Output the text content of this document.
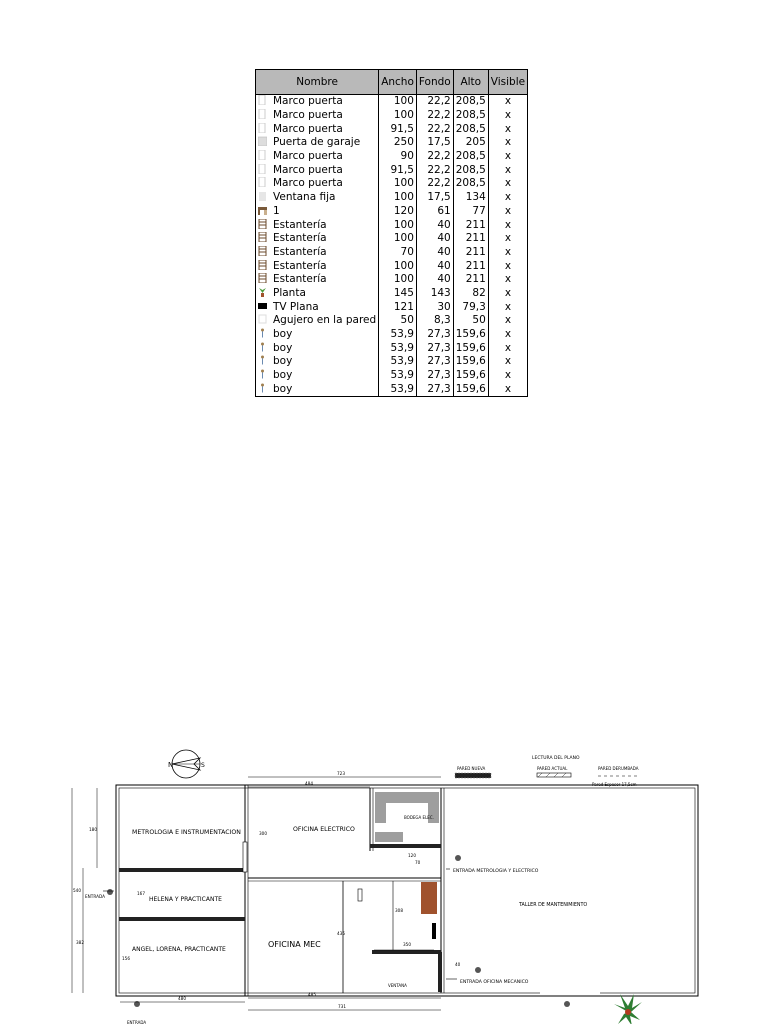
Nombre	Ancho	Fondo	Alto	Visible
Marco puerta	100	22,2	208,5	x
Marco puerta	100	22,2	208,5	x
Marco puerta	91,5	22,2	208,5	x
Puerta de garaje	250	17,5	205	x
Marco puerta	90	22,2	208,5	x
Marco puerta	91,5	22,2	208,5	x
Marco puerta	100	22,2	208,5	x
Ventana fija	100	17,5	134	x
1	120	61	77	x
Estantería	100	40	211	x
Estantería	100	40	211	x
Estantería	70	40	211	x
Estantería	100	40	211	x
Estantería	100	40	211	x
Planta	145	143	82	x
TV Plana	121	30	79,3	x
Agujero en la pared	50	8,3	50	x
boy	53,9	27,3	159,6	x
boy	53,9	27,3	159,6	x
boy	53,9	27,3	159,6	x
boy	53,9	27,3	159,6	x
boy	53,9	27,3	159,6	x
N	S
LECTURA DEL PLANO
PARED NUEVA	PARED ACTUAL	PARED DERUMBADA
Pared Espesor 17,5cm
METROLOGIA E INSTRUMENTACION	OFICINA ELECTRICO
HELENA Y PRACTICANTE
ANGEL, LORENA, PRACTICANTE
OFICINA MEC
TALLER DE MANTENIMIENTO
BODEGA ELEC.
ENTRADA METROLOGIA Y ELECTRICO
ENTRADA OFICINA MECANICO
ENTRADA
ENTRADA
VENTANA
723
484
480
485
731
350
308
435
300
167
156
540
382
180
120
70
40
